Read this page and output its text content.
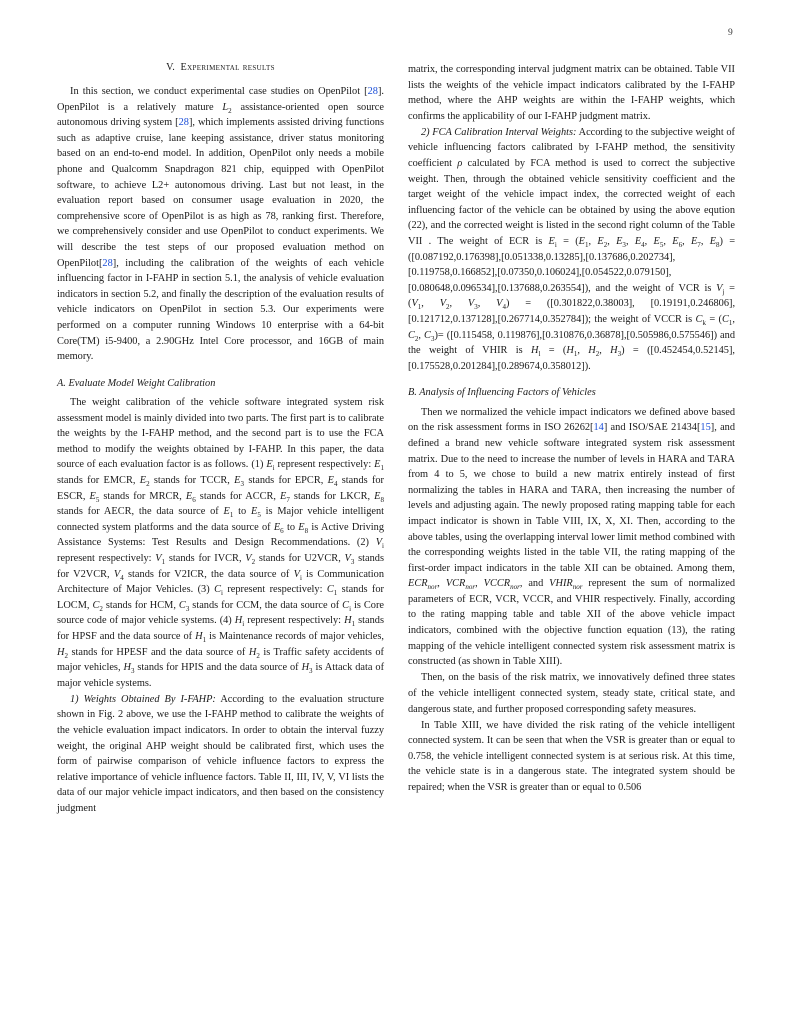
9
V. Experimental results

In this section, we conduct experimental case studies on OpenPilot [28]. OpenPilot is a relatively mature $L_2$ assistance-oriented open source autonomous driving system [28], which implements assisted driving functions such as adaptive cruise, lane keeping assistance, driver status monitoring based on an end-to-end model. In addition, OpenPilot only needs a mobile phone and Qualcomm Snapdragon 821 chip, equipped with OpenPilot software, to achieve L2+ autonomous driving. Last but not least, in the evaluation report based on consumer usage evaluation in 2020, the comprehensive score of OpenPilot is as high as 78, ranking first. Therefore, we comprehensively consider and use OpenPilot to conduct experiments. We will describe the test steps of our proposed evaluation method on OpenPilot[28], including the calibration of the weights of each vehicle influencing factor in I-FAHP in section 5.1, the analysis of vehicle evaluation indicators in section 5.2, and finally the description of the evaluation results of vehicle indicators on OpenPilot in section 5.3. Our experiments were performed on a computer running Windows 10 enterprise with a 64-bit Core(TM) i5-9400, a 2.90GHz Intel Core processor, and 16GB of main memory.

A. Evaluate Model Weight Calibration

The weight calibration of the vehicle software integrated system risk assessment model is mainly divided into two parts. The first part is to calibrate the weights by the I-FAHP method, and the second part is to use the FCA method to modify the weights obtained by I-FAHP. In this paper, the data source of each evaluation factor is as follows. (1) $E_i$ represent respectively: $E_1$ stands for EMCR, $E_2$ stands for TCCR, $E_3$ stands for EPCR, $E_4$ stands for ESCR, $E_5$ stands for MRCR, $E_6$ stands for ACCR, $E_7$ stands for LKCR, $E_8$ stands for AECR, the data source of $E_1$ to $E_5$ is Major vehicle intelligent connected system platforms and the data source of $E_6$ to $E_8$ is Active Driving Assistance Systems: Test Results and Design Recommendations. (2) $V_i$ represent respectively: $V_1$ stands for IVCR, $V_2$ stands for U2VCR, $V_3$ stands for V2VCR, $V_4$ stands for V2ICR, the data source of $V_i$ is Communication Architecture of Major Vehicles. (3) $C_i$ represent respectively: $C_1$ stands for LOCM, $C_2$ stands for HCM, $C_3$ stands for CCM, the data source of $C_i$ is Core source code of major vehicle systems. (4) $H_i$ represent respectively: $H_1$ stands for HPSF and the data source of $H_1$ is Maintenance records of major vehicles, $H_2$ stands for HPESF and the data source of $H_2$ is Traffic safety accidents of major vehicles, $H_3$ stands for HPIS and the data source of $H_3$ is Attack data of major vehicle systems.

1) Weights Obtained By I-FAHP: According to the evaluation structure shown in Fig. 2 above, we use the I-FAHP method to calibrate the weights of the vehicle evaluation impact indicators. In order to obtain the interval fuzzy weight, the original AHP weight should be calibrated first, which uses the form of pairwise comparison of vehicle influence factors to express the relative importance of vehicle influence factors. Table II, III, IV, V, VI lists the data of our major vehicle impact indicators, and then based on the consistency judgment

matrix, the corresponding interval judgment matrix can be obtained. Table VII lists the weights of the vehicle impact indicators calibrated by the I-FAHP method, where the AHP weights are within the I-FAHP weights, which confirms the applicability of our I-FAHP judgment matrix.

2) FCA Calibration Interval Weights: According to the subjective weight of vehicle influencing factors calibrated by I-FAHP method, the sensitivity coefficient ρ calculated by FCA method is used to correct the subjective weight. Then, through the obtained vehicle sensitivity coefficient and the target weight of the vehicle impact index, the corrected weight of each influencing factor of the vehicle can be obtained by using the above eqution (22), and the corrected weight is listed in the second right column of the Table VII . The weight of ECR is $E_i = (E_1$, $E_2$, $E_3$, $E_4$, $E_5$, $E_6$, $E_7$, $E_8) = ([0.087192,0.176398],[0.051338,0.13285],[0.137686,0.202734]$, [0.119758,0.166852],[0.07350,0.106024],[0.054522,0.079150], [0.080648,0.096534],[0.137688,0.263554]), and the weight of VCR is $V_j = (V_1$, $V_2$, $V_3$, $V_4) = ([0.301822,0.38003]$, [0.19191,0.246806],[0.121712,0.137128],[0.267714,0.352784]); the weight of VCCR is $C_k = (C_1$, $C_2$, $C_3)= ([0.115458$, 0.119876],[0.310876,0.36878],[0.505986,0.575546]) and the weight of VHIR is $H_l = (H_1$, $H_2$, $H_3) = ([0.452454,0.52145]$, [0.175528,0.201284],[0.289674,0.358012]).

B. Analysis of Influencing Factors of Vehicles

Then we normalized the vehicle impact indicators we defined above based on the risk assessment forms in ISO 26262[14] and ISO/SAE 21434[15], and defined a brand new vehicle software integrated system risk assessment matrix. Due to the need to increase the number of levels in HARA and TARA from 4 to 5, we chose to build a new matrix entirely instead of first normalizing the tables in HARA and TARA, then increasing the number of levels and adjusting again. The newly proposed rating mapping table for each impact indicator is shown in Table VIII, IX, X, XI. Then, according to the above tables, using the overlapping interval lower limit method combined with the corresponding weights listed in the table VII, the rating mapping of the first-order impact indicators in the table XII can be obtained. Among them, $ECR_{nor}$, $VCR_{nor}$, $VCCR_{nor}$, and $VHIR_{nor}$ represent the sum of normalized parameters of ECR, VCR, VCCR, and VHIR respectively. Finally, according to the rating mapping table and table XII of the above vehicle impact indicators, combined with the objective function equation (13), the rating mapping of the vehicle intelligent connected system risk assessment matrix is constructed (as shown in Table XIII).

Then, on the basis of the risk matrix, we innovatively defined three states of the vehicle intelligent connected system, steady state, critical state, and dangerous state, and further proposed corresponding safety measures.

In Table XIII, we have divided the risk rating of the vehicle intelligent connected system. It can be seen that when the VSR is greater than or equal to 0.758, the vehicle intelligent connected system is at serious risk. At this time, the vehicle state is in a dangerous state. The integrated system should be repaired; when the VSR is greater than or equal to 0.506
